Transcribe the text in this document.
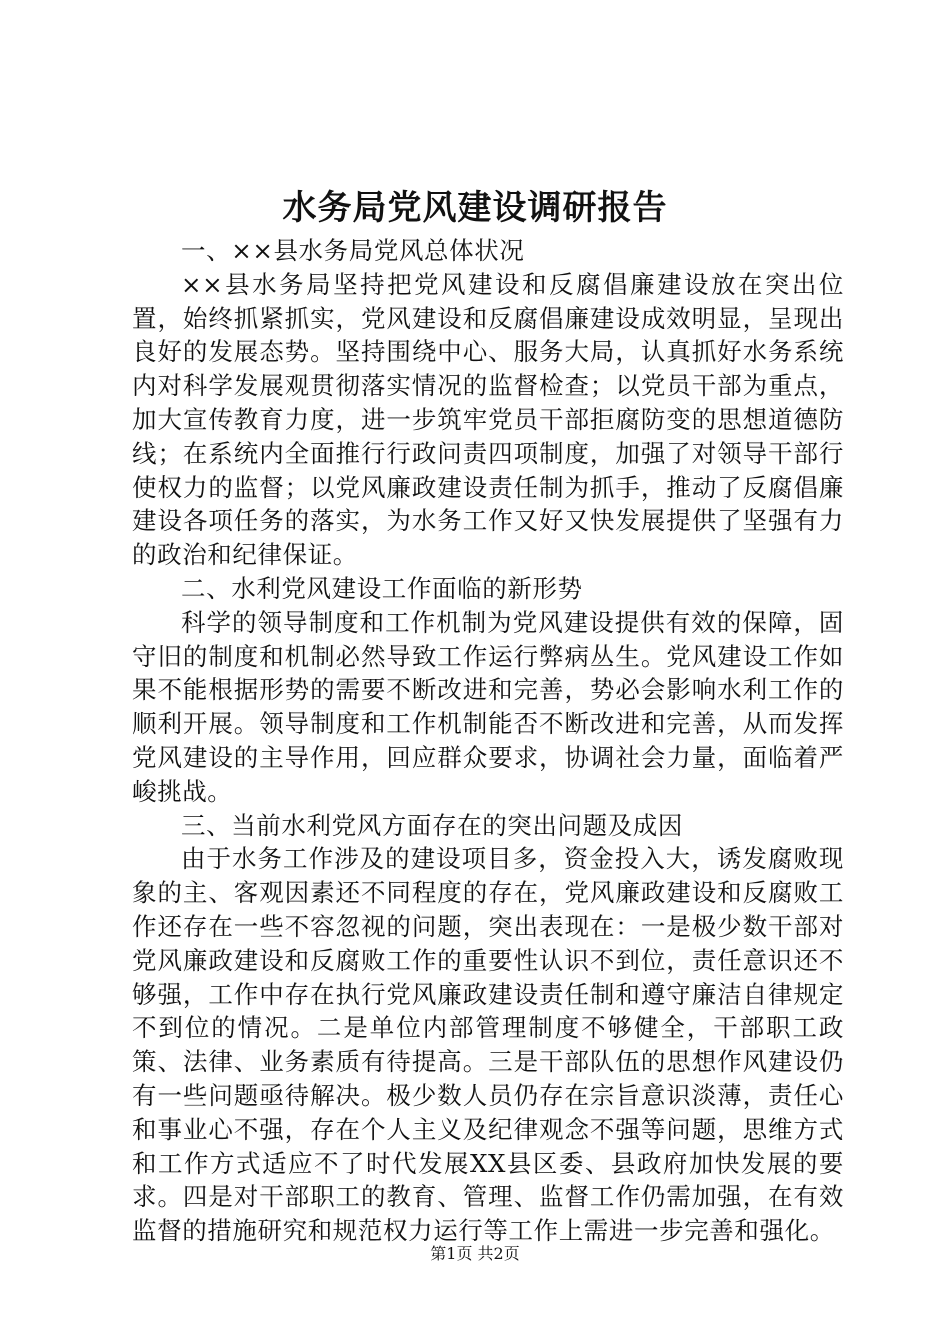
水务局党风建设调研报告

一、××县水务局党风总体状况

××县水务局坚持把党风建设和反腐倡廉建设放在突出位置，始终抓紧抓实，党风建设和反腐倡廉建设成效明显，呈现出良好的发展态势。坚持围绕中心、服务大局，认真抓好水务系统内对科学发展观贯彻落实情况的监督检查；以党员干部为重点，加大宣传教育力度，进一步筑牢党员干部拒腐防变的思想道德防线；在系统内全面推行行政问责四项制度，加强了对领导干部行使权力的监督；以党风廉政建设责任制为抓手，推动了反腐倡廉建设各项任务的落实，为水务工作又好又快发展提供了坚强有力的政治和纪律保证。

二、水利党风建设工作面临的新形势

科学的领导制度和工作机制为党风建设提供有效的保障，固守旧的制度和机制必然导致工作运行弊病丛生。党风建设工作如果不能根据形势的需要不断改进和完善，势必会影响水利工作的顺利开展。领导制度和工作机制能否不断改进和完善，从而发挥党风建设的主导作用，回应群众要求，协调社会力量，面临着严峻挑战。

三、当前水利党风方面存在的突出问题及成因

由于水务工作涉及的建设项目多，资金投入大，诱发腐败现象的主、客观因素还不同程度的存在，党风廉政建设和反腐败工作还存在一些不容忽视的问题，突出表现在：一是极少数干部对党风廉政建设和反腐败工作的重要性认识不到位，责任意识还不够强，工作中存在执行党风廉政建设责任制和遵守廉洁自律规定不到位的情况。二是单位内部管理制度不够健全，干部职工政策、法律、业务素质有待提高。三是干部队伍的思想作风建设仍有一些问题亟待解决。极少数人员仍存在宗旨意识淡薄，责任心和事业心不强，存在个人主义及纪律观念不强等问题，思维方式和工作方式适应不了时代发展XX县区委、县政府加快发展的要求。四是对干部职工的教育、管理、监督工作仍需加强，在有效监督的措施研究和规范权力运行等工作上需进一步完善和强化。

第1页 共2页
